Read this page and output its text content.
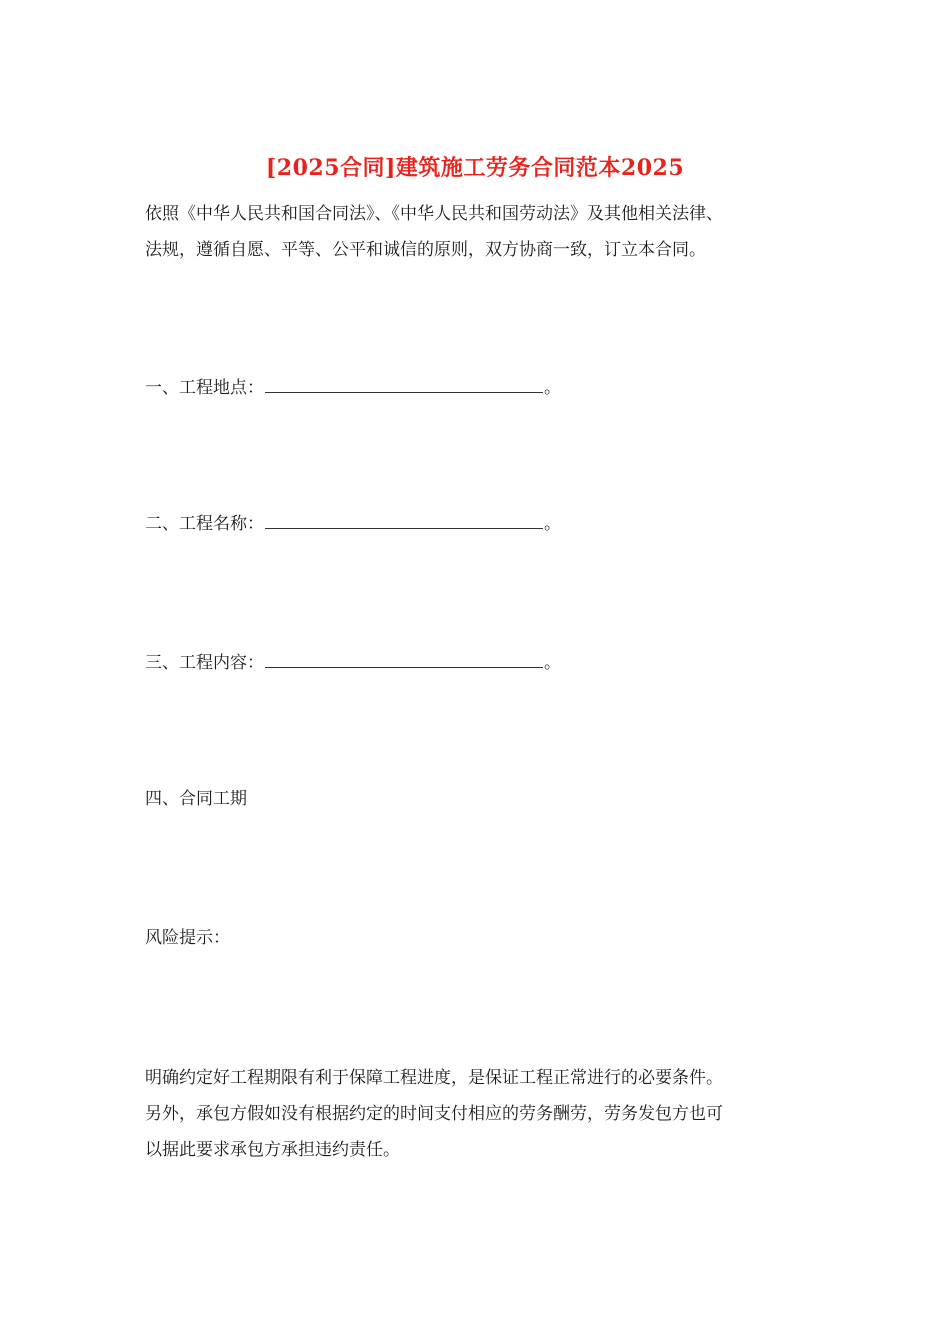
[2025合同]建筑施工劳务合同范本2025
依照《中华人民共和国合同法》、《中华人民共和国劳动法》及其他相关法律、
法规，遵循自愿、平等、公平和诚信的原则，双方协商一致，订立本合同。
一、工程地点：	。
二、工程名称：	。
三、工程内容：	。
四、合同工期
风险提示：
明确约定好工程期限有利于保障工程进度，是保证工程正常进行的必要条件。
另外，承包方假如没有根据约定的时间支付相应的劳务酬劳，劳务发包方也可
以据此要求承包方承担违约责任。
